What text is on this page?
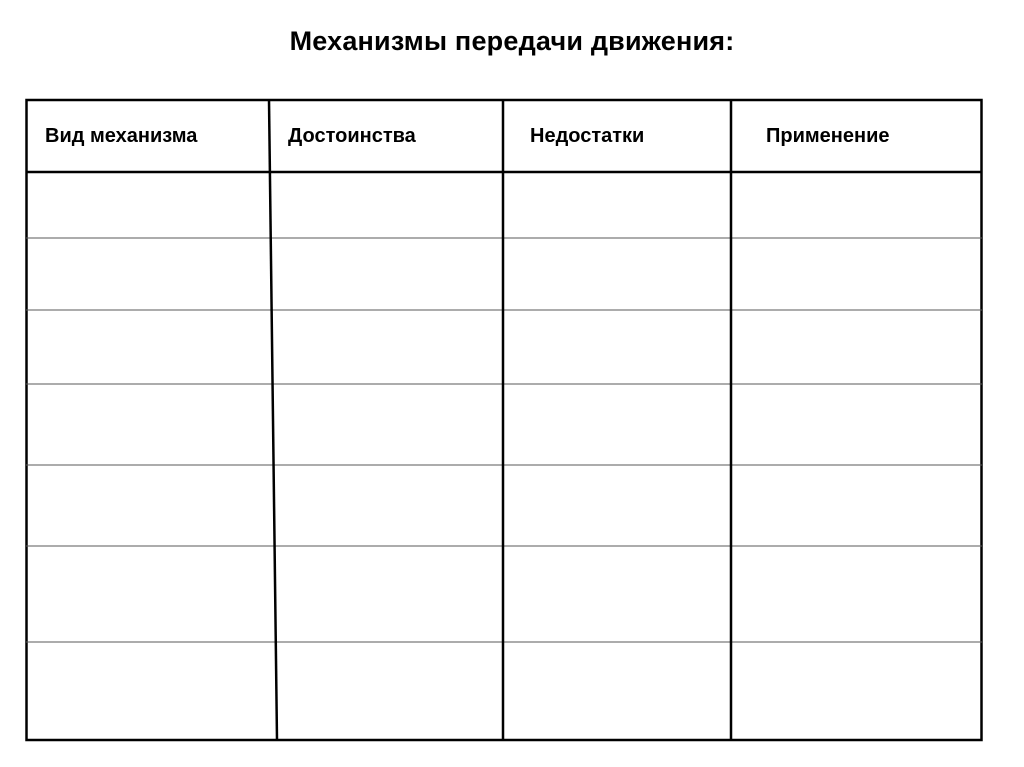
Механизмы передачи движения:
Вид механизма	Достоинства	Недостатки	Применение
